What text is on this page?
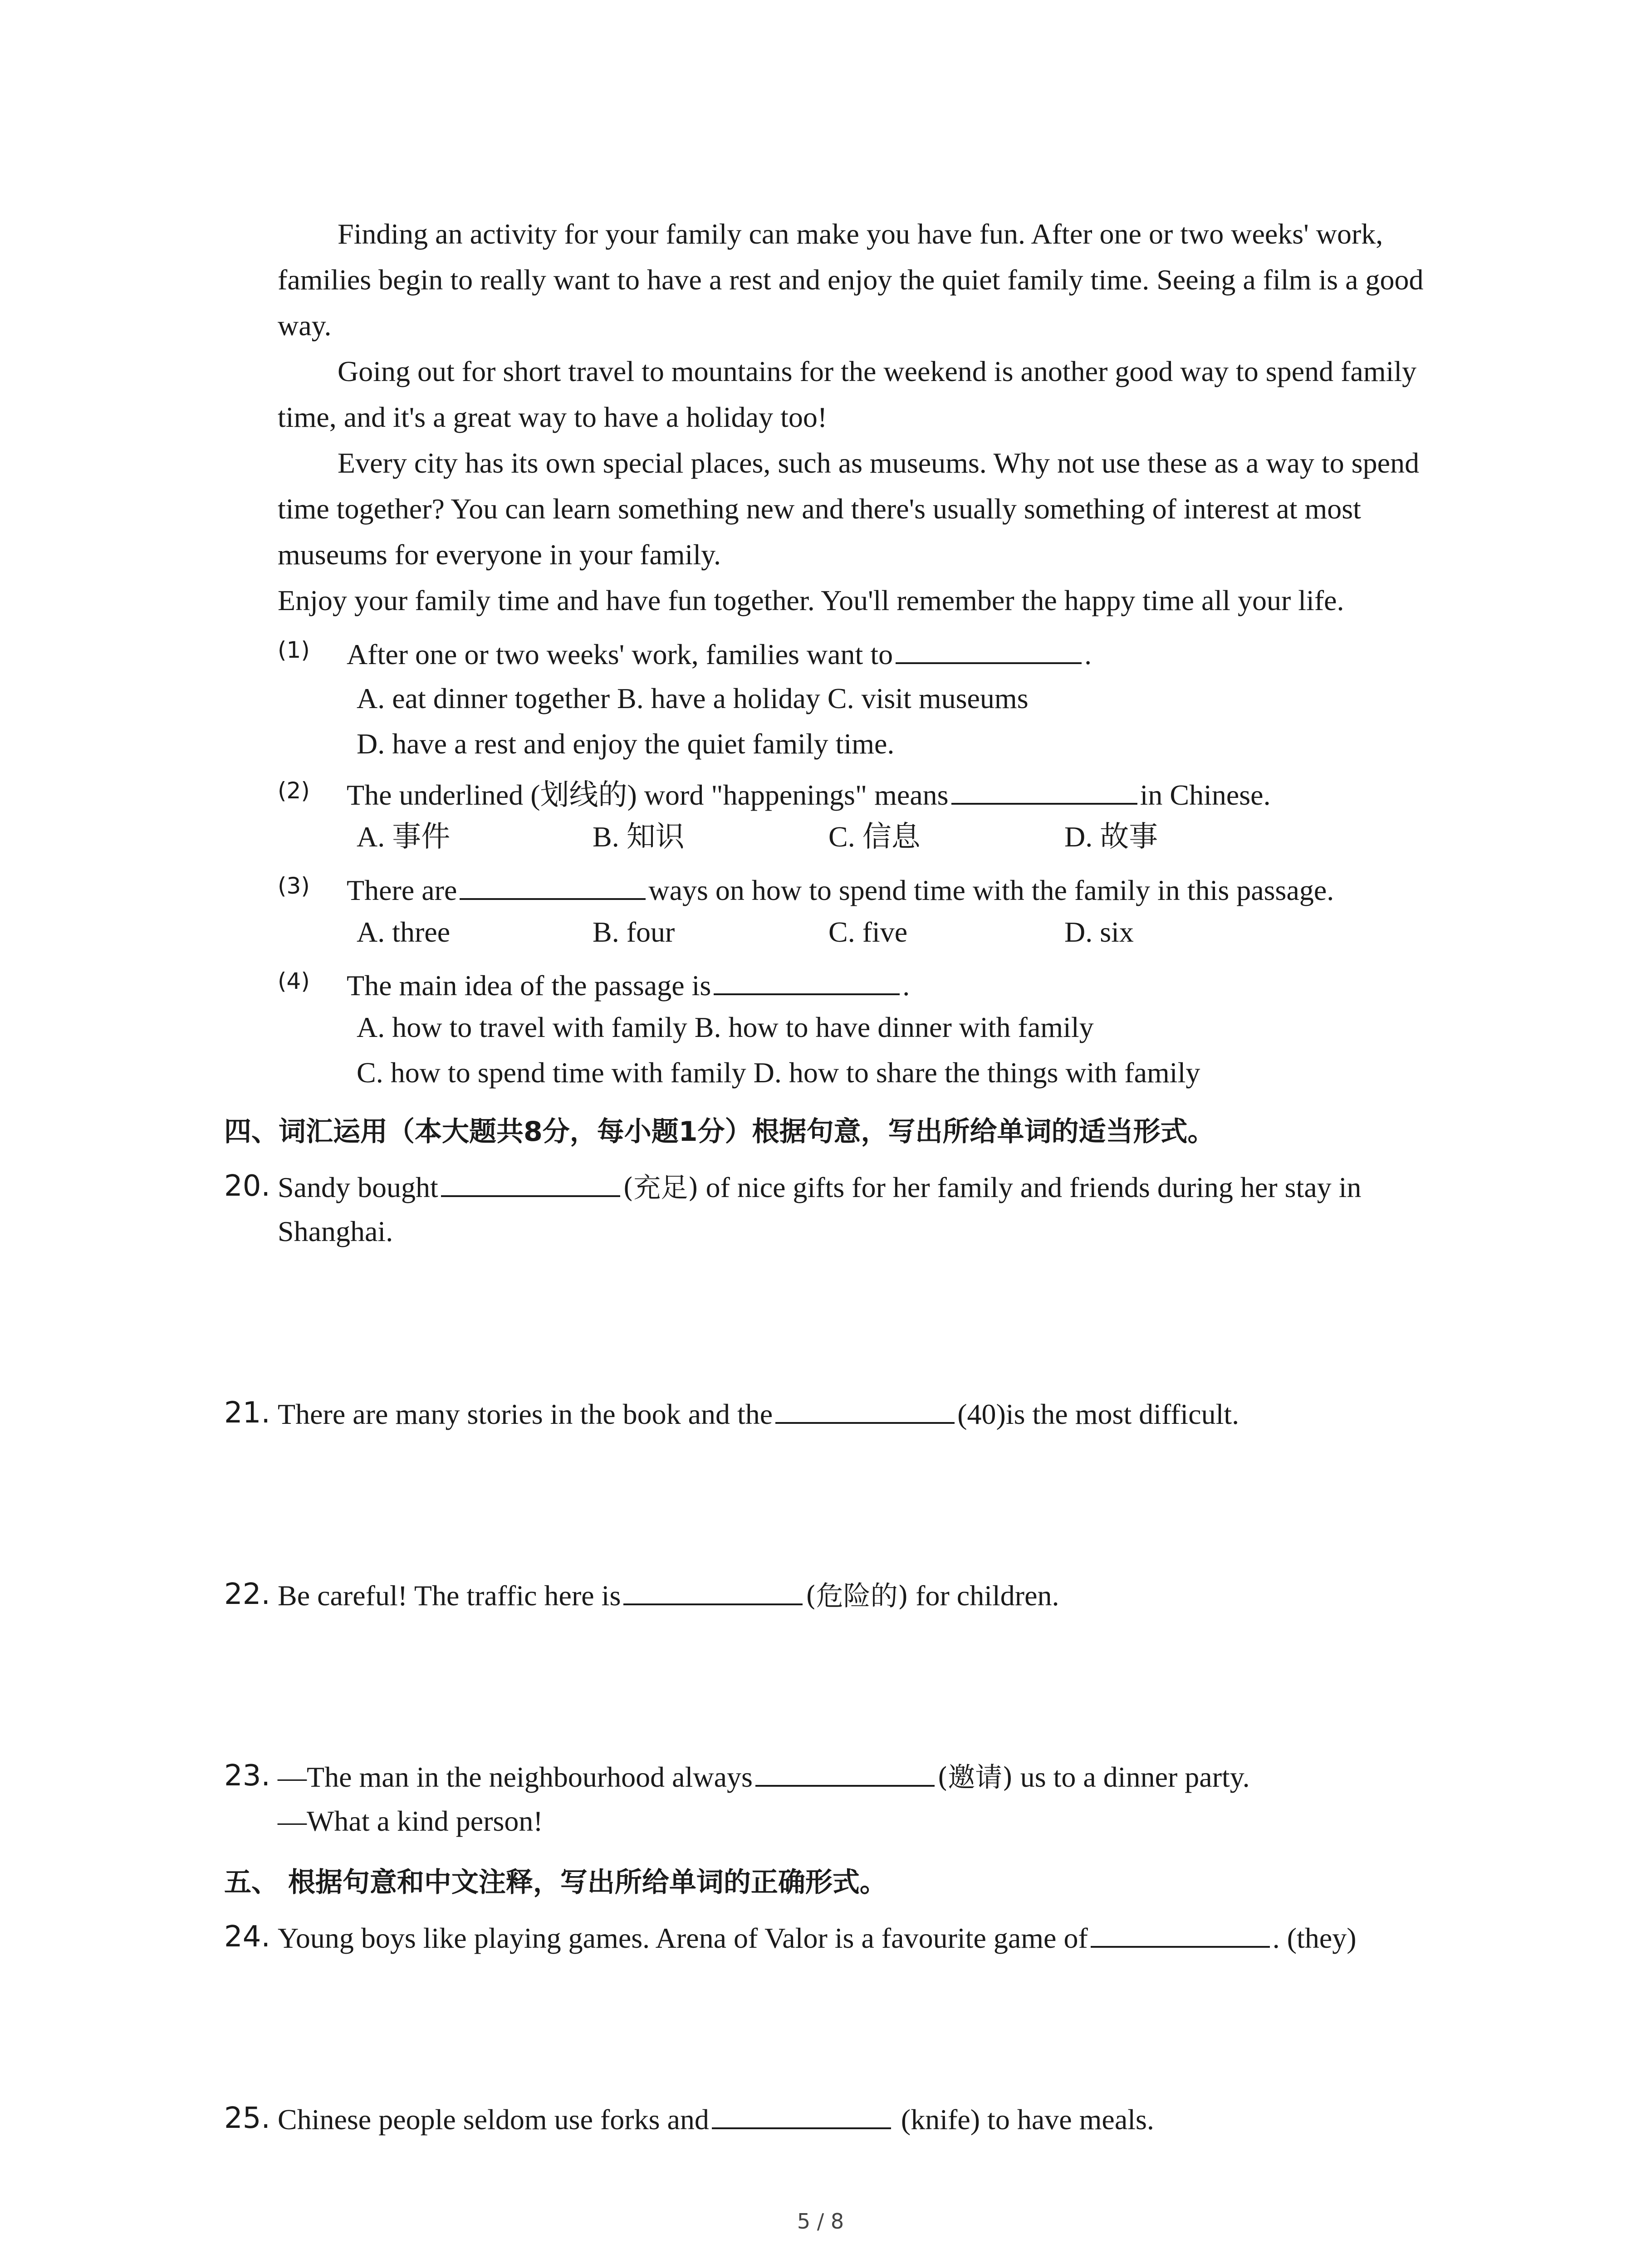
Finding an activity for your family can make you have fun. After one or two weeks' work, families begin to really want to have a rest and enjoy the quiet family time. Seeing a film is a good way.
Going out for short travel to mountains for the weekend is another good way to spend family time, and it's a great way to have a holiday too!
Every city has its own special places, such as museums. Why not use these as a way to spend time together? You can learn something new and there's usually something of interest at most museums for everyone in your family.
Enjoy your family time and have fun together. You'll remember the happy time all your life.
(1) After one or two weeks' work, families want to	.
A. eat dinner together B. have a holiday C. visit museums
D. have a rest and enjoy the quiet family time.
(2) The underlined (划线的) word "happenings" means	in Chinese.
A. 事件	B. 知识	C. 信息	D. 故事
(3) There are	ways on how to spend time with the family in this passage.
A. three	B. four	C. five	D. six
(4) The main idea of the passage is	.
A. how to travel with family B. how to have dinner with family
C. how to spend time with family D. how to share the things with family
四、词汇运用（本大题共8分，每小题1分）根据句意，写出所给单词的适当形式。
20. Sandy bought	(充足) of nice gifts for her family and friends during her stay in
Shanghai.
21. There are many stories in the book and the	(40)is the most difficult.
22. Be careful! The traffic here is	(危险的) for children.
23. —The man in the neighbourhood always	(邀请) us to a dinner party.
—What a kind person!
五、 根据句意和中文注释，写出所给单词的正确形式。
24. Young boys like playing games. Arena of Valor is a favourite game of	. (they)
25. Chinese people seldom use forks and	(knife) to have meals.
5 / 8
